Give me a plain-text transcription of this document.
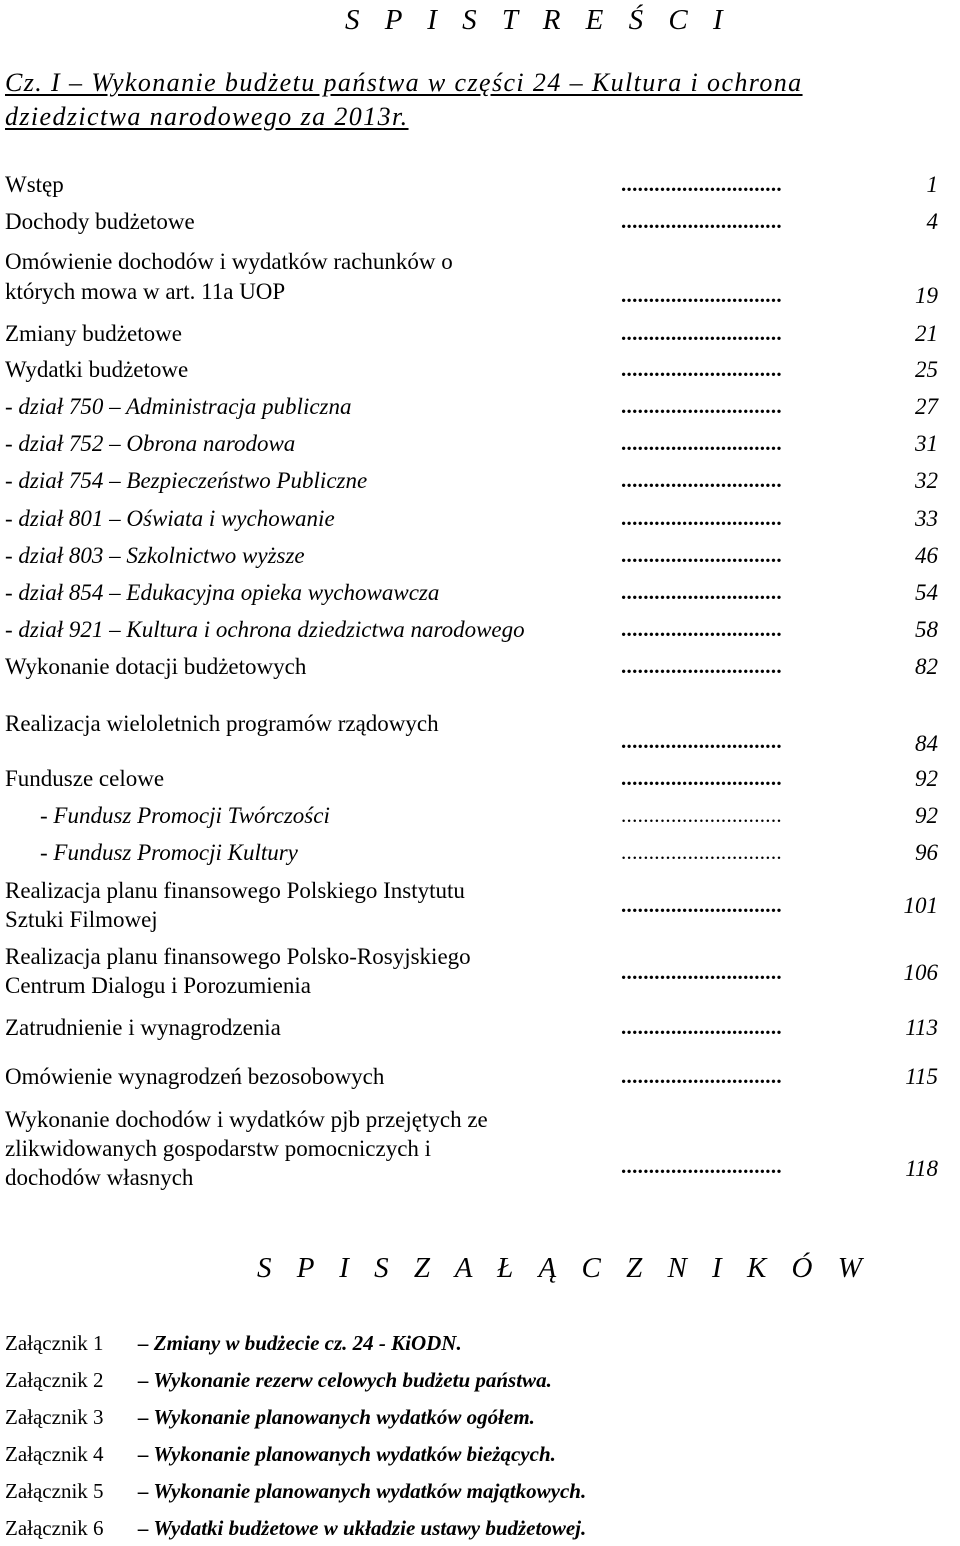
S P I S T R E Ś C I
Cz. I – Wykonanie budżetu państwa w części 24 – Kultura i ochrona
dziedzictwa narodowego za 2013r.
Wstęp	.............................	1
Dochody budżetowe	.............................	4
Omówienie dochodów i wydatków rachunków o
których mowa w art. 11a UOP	.............................	19
Zmiany budżetowe	.............................	21
Wydatki budżetowe	.............................	25
- dział 750 – Administracja publiczna	.............................	27
- dział 752 – Obrona narodowa	.............................	31
- dział 754 – Bezpieczeństwo Publiczne	.............................	32
- dział 801 – Oświata i wychowanie	.............................	33
- dział 803 – Szkolnictwo wyższe	.............................	46
- dział 854 – Edukacyjna opieka wychowawcza	.............................	54
- dział 921 – Kultura i ochrona dziedzictwa narodowego	.............................	58
Wykonanie dotacji budżetowych	.............................	82
Realizacja wieloletnich programów rządowych
.............................	84
Fundusze celowe	.............................	92
- Fundusz Promocji Twórczości	.............................	92
- Fundusz Promocji Kultury	.............................	96
Realizacja planu finansowego Polskiego Instytutu
Sztuki Filmowej
.............................	101
Realizacja planu finansowego Polsko-Rosyjskiego
Centrum Dialogu i Porozumienia
.............................	106
Zatrudnienie i wynagrodzenia	.............................	113
Omówienie wynagrodzeń bezosobowych	.............................	115
Wykonanie dochodów i wydatków pjb przejętych ze
zlikwidowanych gospodarstw pomocniczych i
dochodów własnych	.............................	118
S P I S Z A Ł Ą C Z N I K Ó W
Załącznik 1 – Zmiany w budżecie cz. 24 - KiODN.
Załącznik 2 – Wykonanie rezerw celowych budżetu państwa.
Załącznik 3 – Wykonanie planowanych wydatków ogółem.
Załącznik 4 – Wykonanie planowanych wydatków bieżących.
Załącznik 5 – Wykonanie planowanych wydatków majątkowych.
Załącznik 6 – Wydatki budżetowe w układzie ustawy budżetowej.
